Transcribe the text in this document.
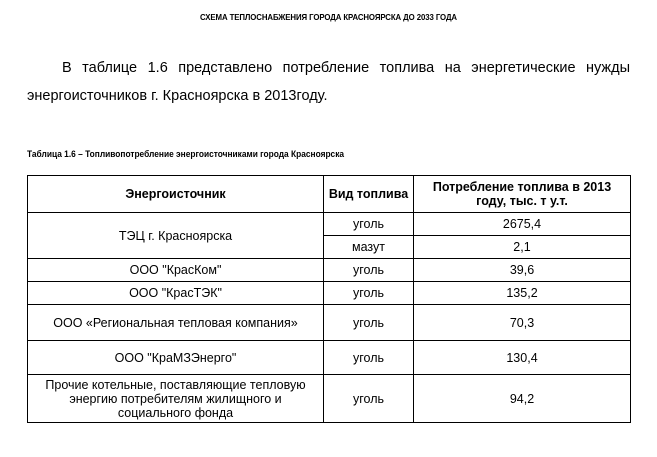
СХЕМА ТЕПЛОСНАБЖЕНИЯ ГОРОДА КРАСНОЯРСКА ДО 2033 ГОДА
В таблице 1.6 представлено потребление топлива на энергетические нужды
энергоисточников г. Красноярска в 2013году.
Таблица 1.6 – Топливопотребление энергоисточниками города Красноярска
Энергоисточник	Вид топлива	Потребление топлива в 2013 году, тыс. т у.т.
ТЭЦ г. Красноярска	уголь	2675,4
	мазут	2,1
ООО "КрасКом"	уголь	39,6
ООО "КрасТЭК"	уголь	135,2
ООО «Региональная тепловая компания»	уголь	70,3
ООО "КраМЗЭнерго"	уголь	130,4
Прочие котельные, поставляющие тепловую энергию потребителям жилищного и социального фонда	уголь	94,2
